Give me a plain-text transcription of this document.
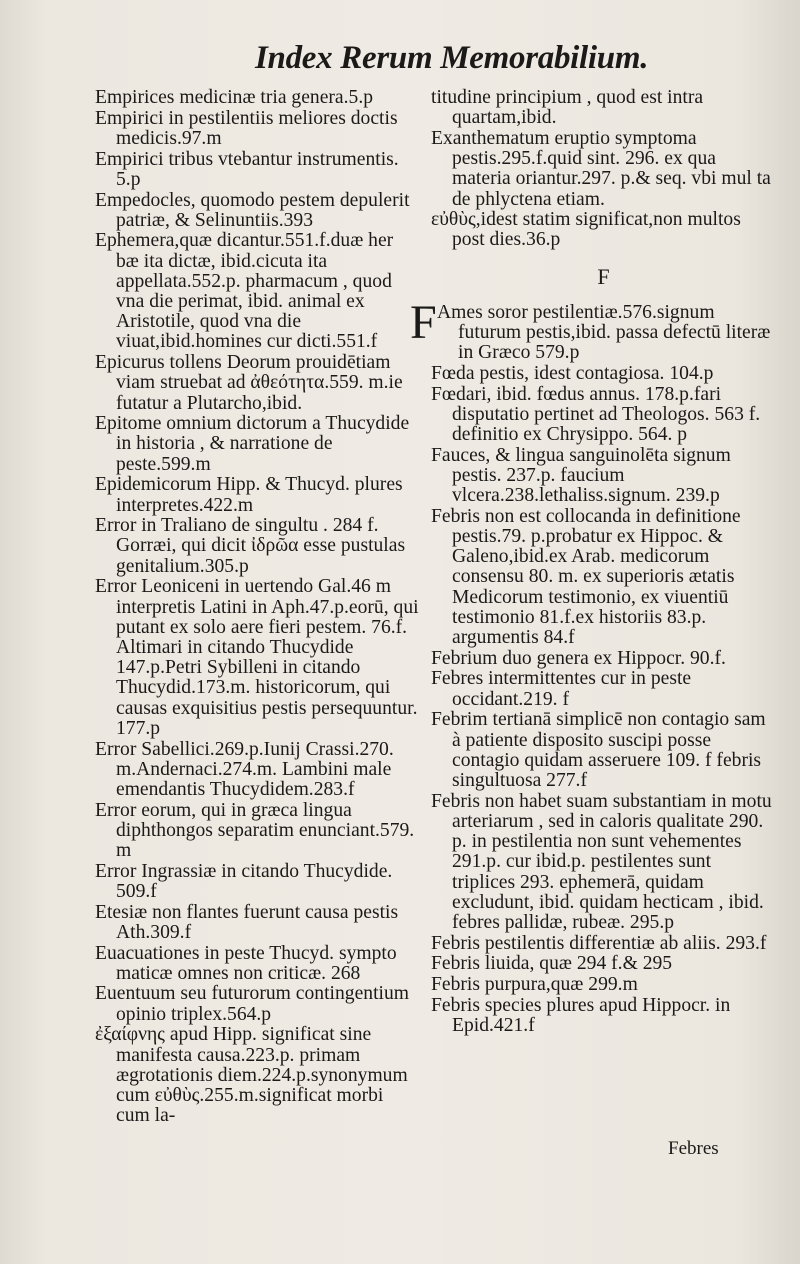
Index Rerum Memorabilium.

Empirices medicinæ tria genera.5.p

Empirici in pestilentiis meliores doctis medicis.97.m

Empirici tribus vtebantur instrumentis. 5.p

Empedocles, quomodo pestem depulerit patriæ, & Selinuntiis.393

Ephemera,quæ dicantur.551.f.duæ her bæ ita dictæ, ibid.cicuta ita appellata.552.p. pharmacum , quod vna die perimat, ibid. animal ex Aristotile, quod vna die viuat,ibid.homines cur dicti.551.f

Epicurus tollens Deorum prouidētiam viam struebat ad ἀθεότητα.559. m.ie futatur a Plutarcho,ibid.

Epitome omnium dictorum a Thucydide in historia , & narratione de peste.599.m

Epidemicorum Hipp. & Thucyd. plures interpretes.422.m

Error in Traliano de singultu . 284 f. Gorræi, qui dicit ἰδρῶα esse pustulas genitalium.305.p

Error Leoniceni in uertendo Gal.46 m interpretis Latini in Aph.47.p.eorū, qui putant ex solo aere fieri pestem. 76.f. Altimari in citando Thucydide 147.p.Petri Sybilleni in citando Thucydid.173.m. historicorum, qui causas exquisitius pestis persequuntur. 177.p

Error Sabellici.269.p.Iunij Crassi.270. m.Andernaci.274.m. Lambini male emendantis Thucydidem.283.f

Error eorum, qui in græca lingua diphthongos separatim enunciant.579. m

Error Ingrassiæ in citando Thucydide. 509.f

Etesiæ non flantes fuerunt causa pestis Ath.309.f

Euacuationes in peste Thucyd. sympto maticæ omnes non criticæ. 268

Euentuum seu futurorum contingentium opinio triplex.564.p

ἐξαίφνης apud Hipp. significat sine manifesta causa.223.p. primam ægrotationis diem.224.p.synonymum cum εὐθὺς.255.m.significat morbi cum la-

titudine principium , quod est intra quartam,ibid.

Exanthematum eruptio symptoma pestis.295.f.quid sint. 296. ex qua materia oriantur.297. p.& seq. vbi mul ta de phlyctena etiam.

εὐθὺς,idest statim significat,non multos post dies.36.p

F

F Ames soror pestilentiæ.576.signum futurum pestis,ibid. passa defectū literæ in Græco 579.p

Fœda pestis, idest contagiosa. 104.p

Fœdari, ibid. fœdus annus. 178.p.fari disputatio pertinet ad Theologos. 563 f. definitio ex Chrysippo. 564. p

Fauces, & lingua sanguinolēta signum pestis. 237.p. faucium vlcera.238.lethaliss.signum. 239.p

Febris non est collocanda in definitione pestis.79. p.probatur ex Hippoc. & Galeno,ibid.ex Arab. medicorum consensu 80. m. ex superioris ætatis Medicorum testimonio, ex viuentiū testimonio 81.f.ex historiis 83.p. argumentis 84.f

Febrium duo genera ex Hippocr. 90.f.

Febres intermittentes cur in peste occidant.219. f

Febrim tertianā simplicē non contagio sam à patiente disposito suscipi posse contagio quidam asseruere 109. f febris singultuosa 277.f

Febris non habet suam substantiam in motu arteriarum , sed in caloris qualitate 290. p. in pestilentia non sunt vehementes 291.p. cur ibid.p. pestilentes sunt triplices 293. ephemerā, quidam excludunt, ibid. quidam hecticam , ibid. febres pallidæ, rubeæ. 295.p

Febris pestilentis differentiæ ab aliis. 293.f

Febris liuida, quæ 294 f.& 295

Febris purpura,quæ 299.m

Febris species plures apud Hippocr. in Epid.421.f

Febres
